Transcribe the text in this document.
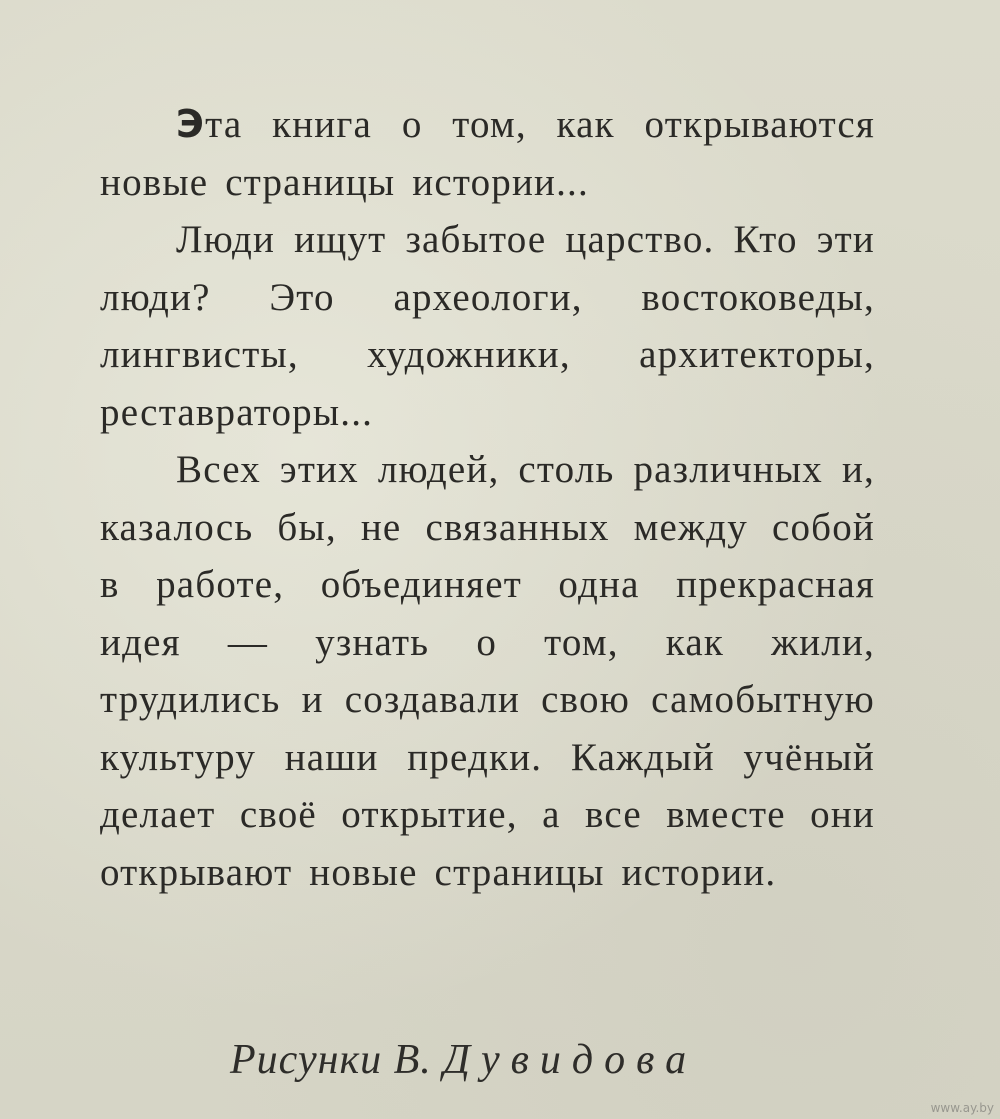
Эта книга о том, как открываются новые страницы истории...

Люди ищут забытое царство. Кто эти люди? Это археологи, востоковеды, лингвисты, художники, архитекторы, реставраторы...

Всех этих людей, столь различных и, казалось бы, не связанных между собой в работе, объединяет одна прекрасная идея — узнать о том, как жили, трудились и создавали свою самобытную культуру наши предки. Каждый учёный делает своё открытие, а все вместе они открывают новые страницы истории.

Рисунки В. Дувидова
www.ay.by
